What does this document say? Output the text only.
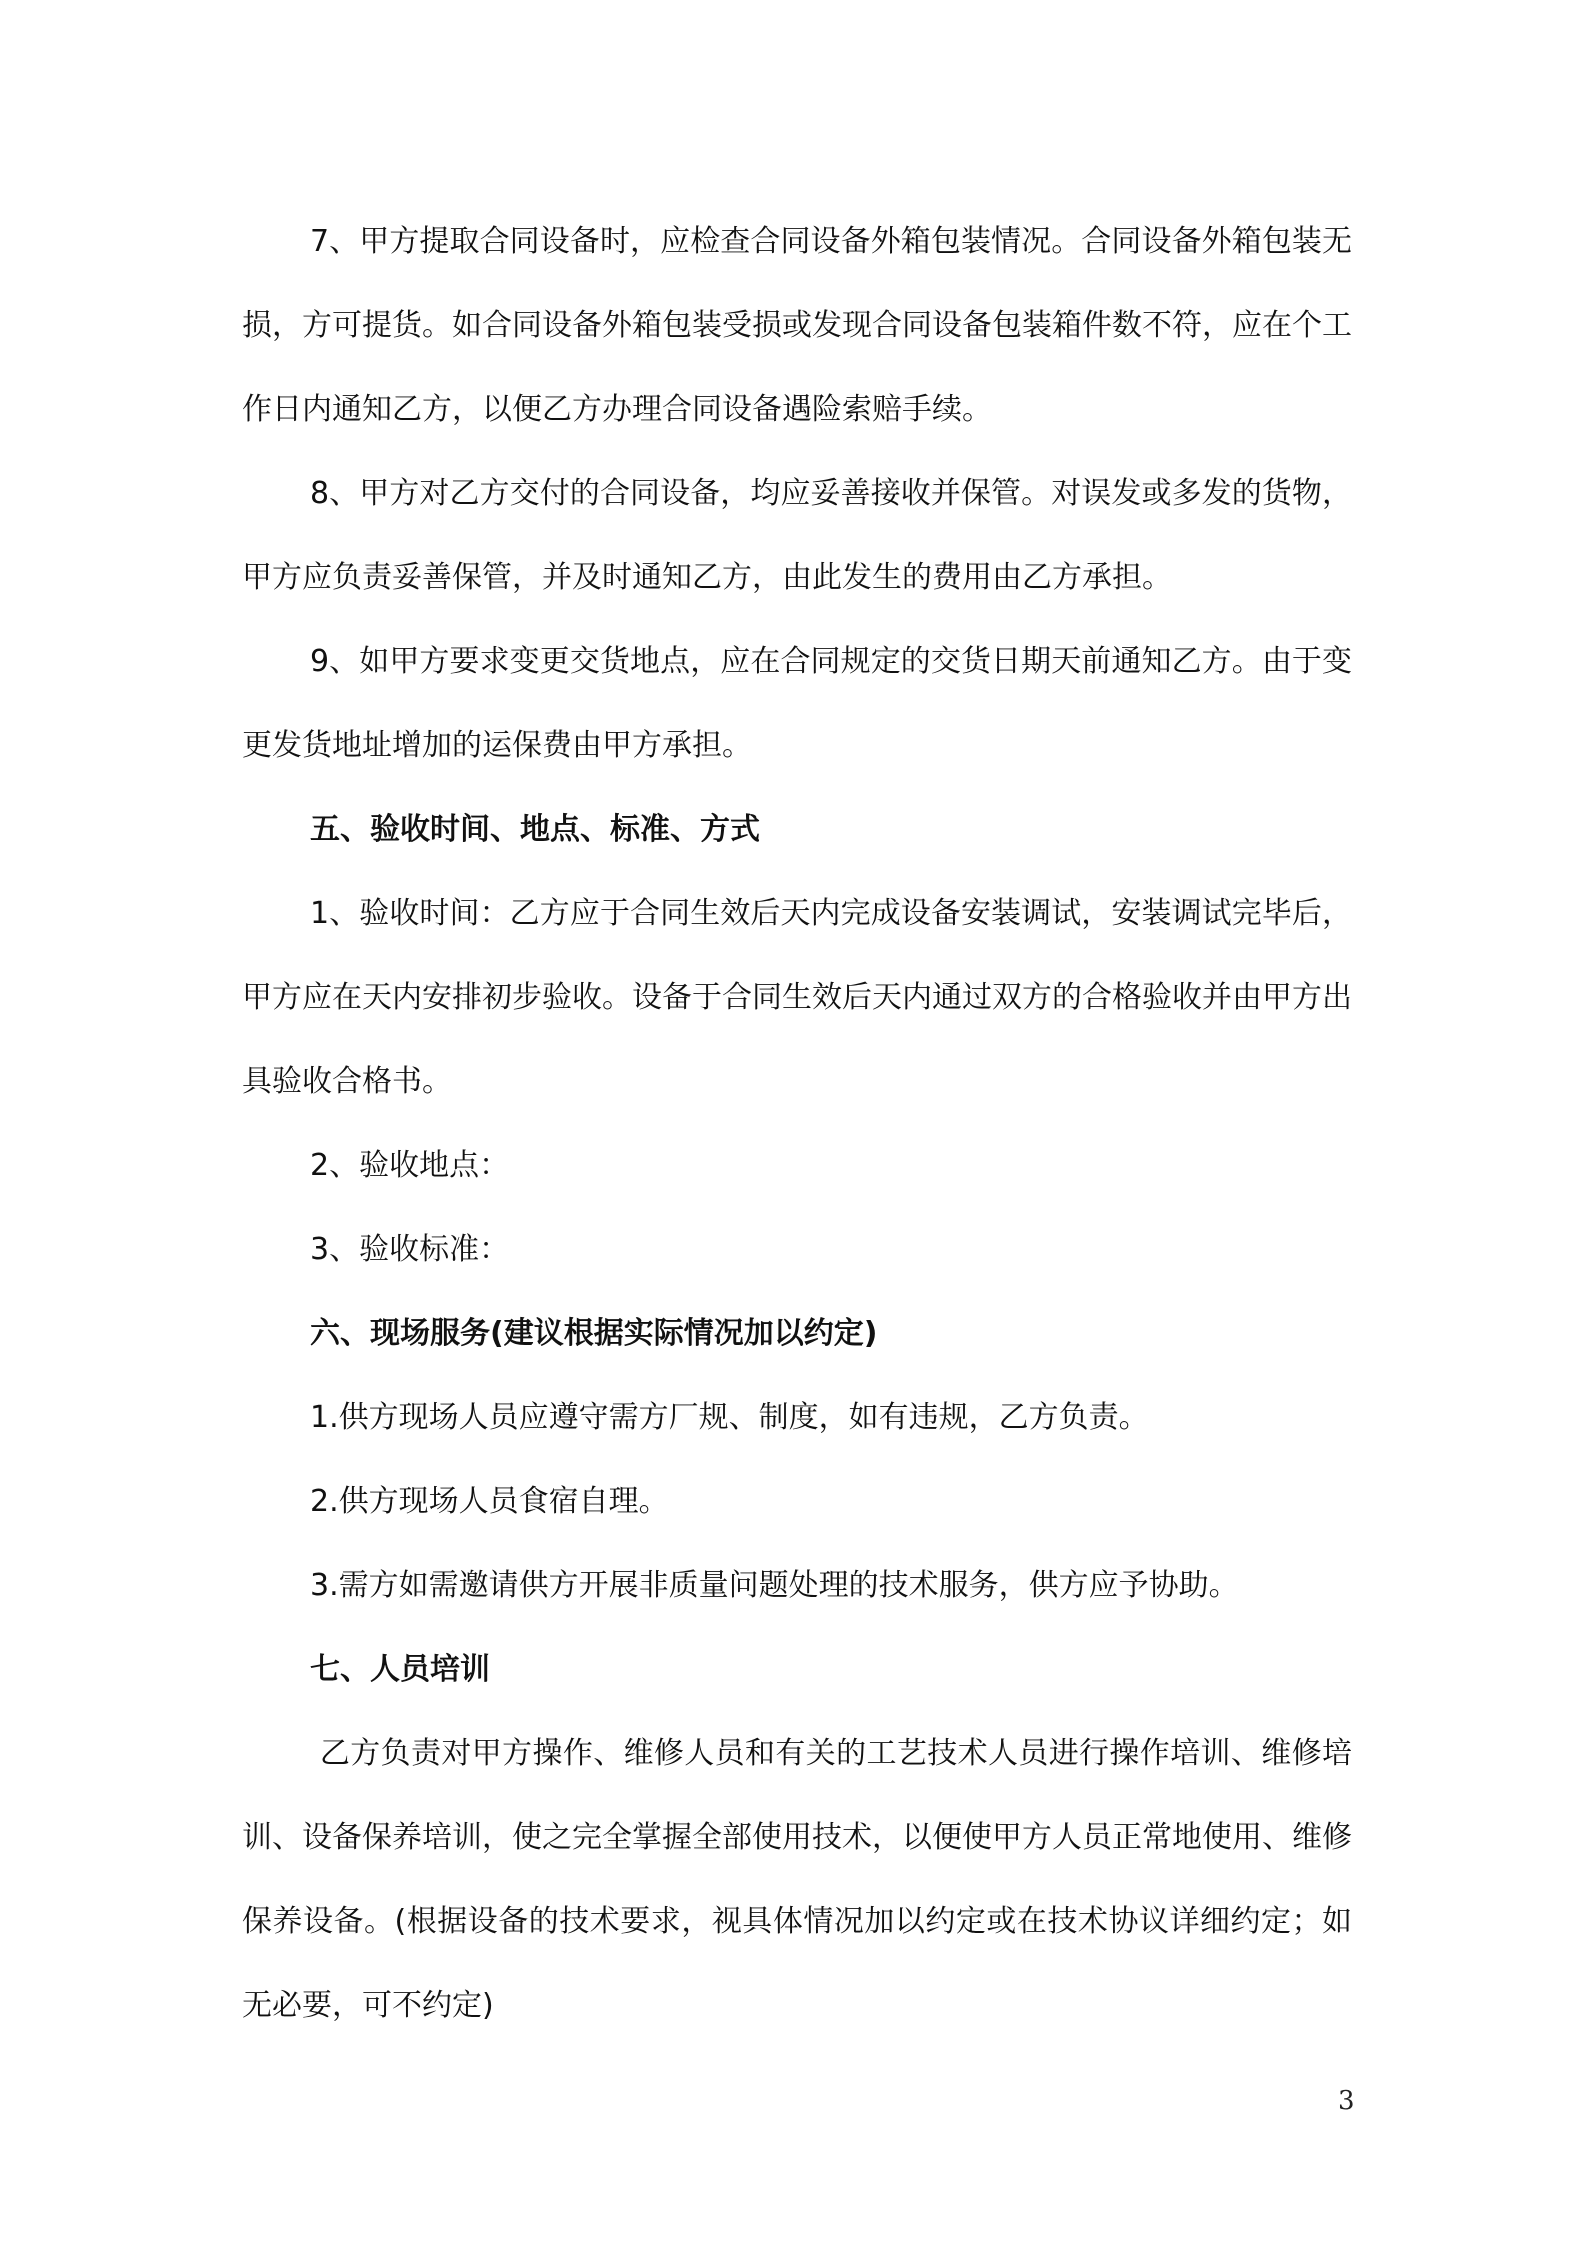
7、甲方提取合同设备时，应检查合同设备外箱包装情况。合同设备外箱包装无损，方可提货。如合同设备外箱包装受损或发现合同设备包装箱件数不符，应在个工作日内通知乙方，以便乙方办理合同设备遇险索赔手续。

8、甲方对乙方交付的合同设备，均应妥善接收并保管。对误发或多发的货物，甲方应负责妥善保管，并及时通知乙方，由此发生的费用由乙方承担。

9、如甲方要求变更交货地点，应在合同规定的交货日期天前通知乙方。由于变更发货地址增加的运保费由甲方承担。

五、验收时间、地点、标准、方式

1、验收时间：乙方应于合同生效后天内完成设备安装调试，安装调试完毕后，甲方应在天内安排初步验收。设备于合同生效后天内通过双方的合格验收并由甲方出具验收合格书。

2、验收地点：

3、验收标准：

六、现场服务(建议根据实际情况加以约定)

1.供方现场人员应遵守需方厂规、制度，如有违规，乙方负责。

2.供方现场人员食宿自理。

3.需方如需邀请供方开展非质量问题处理的技术服务，供方应予协助。

七、人员培训

乙方负责对甲方操作、维修人员和有关的工艺技术人员进行操作培训、维修培训、设备保养培训，使之完全掌握全部使用技术，以便使甲方人员正常地使用、维修保养设备。(根据设备的技术要求，视具体情况加以约定或在技术协议详细约定；如无必要，可不约定)

3
